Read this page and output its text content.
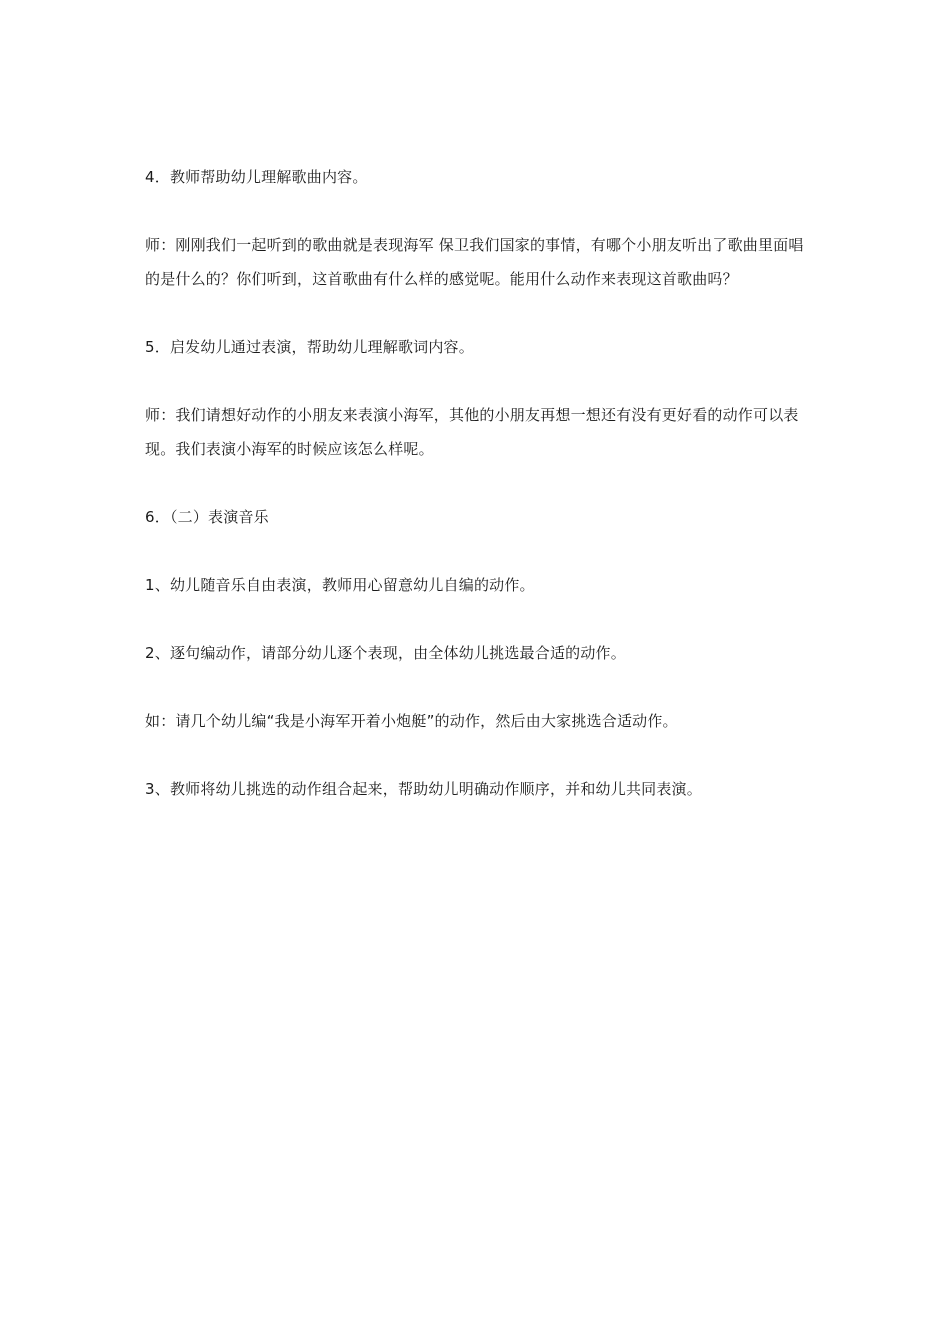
4．教师帮助幼儿理解歌曲内容。

师：刚刚我们一起听到的歌曲就是表现海军 保卫我们国家的事情，有哪个小朋友听出了歌曲里面唱的是什么的？你们听到，这首歌曲有什么样的感觉呢。能用什么动作来表现这首歌曲吗？

5．启发幼儿通过表演，帮助幼儿理解歌词内容。

师：我们请想好动作的小朋友来表演小海军，其他的小朋友再想一想还有没有更好看的动作可以表现。我们表演小海军的时候应该怎么样呢。

6．（二）表演音乐

1、幼儿随音乐自由表演，教师用心留意幼儿自编的动作。

2、逐句编动作，请部分幼儿逐个表现，由全体幼儿挑选最合适的动作。

如：请几个幼儿编“我是小海军开着小炮艇”的动作，然后由大家挑选合适动作。

3、教师将幼儿挑选的动作组合起来，帮助幼儿明确动作顺序，并和幼儿共同表演。
